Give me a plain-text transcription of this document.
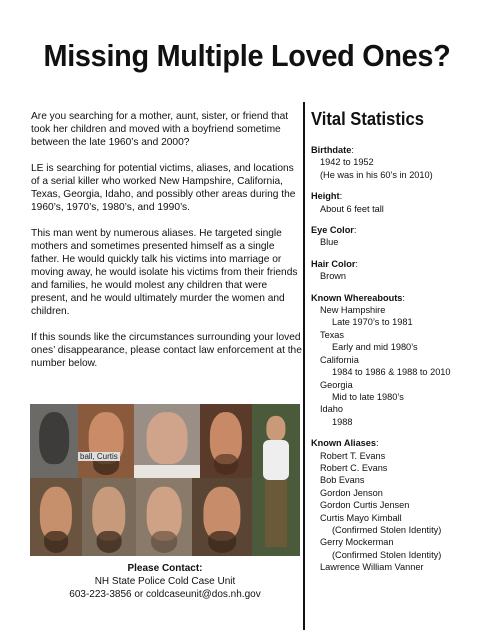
Missing Multiple Loved Ones?

Are you searching for a mother, aunt, sister, or friend that took her children and moved with a boyfriend sometime between the late 1960’s and 2000?

LE is searching for potential victims, aliases, and locations of a serial killer who worked New Hampshire, California, Texas, Georgia, Idaho, and possibly other areas during the 1960’s, 1970’s, 1980’s, and 1990’s.

This man went by numerous aliases. He targeted single mothers and sometimes presented himself as a single father. He would quickly talk his victims into marriage or moving away, he would isolate his victims from their friends and families, he would molest any children that were present, and he would ultimately murder the women and children.

If this sounds like the circumstances surrounding your loved ones’ disappearance, please contact law enforcement at the number below.

ball, Curtis
Please Contact:
NH State Police Cold Case Unit
603-223-3856 or coldcaseunit@dos.nh.gov
Vital Statistics
Birthdate:
1942 to 1952
(He was in his 60’s in 2010)
Height:
About 6 feet tall
Eye Color:
Blue
Hair Color:
Brown
Known Whereabouts:
New Hampshire
Late 1970’s to 1981
Texas
Early and mid 1980’s
California
1984 to 1986 & 1988 to 2010
Georgia
Mid to late 1980’s
Idaho
1988
Known Aliases:
Robert T. Evans
Robert C. Evans
Bob Evans
Gordon Jenson
Gordon Curtis Jensen
Curtis Mayo Kimball
(Confirmed Stolen Identity)
Gerry Mockerman
(Confirmed Stolen Identity)
Lawrence William Vanner
